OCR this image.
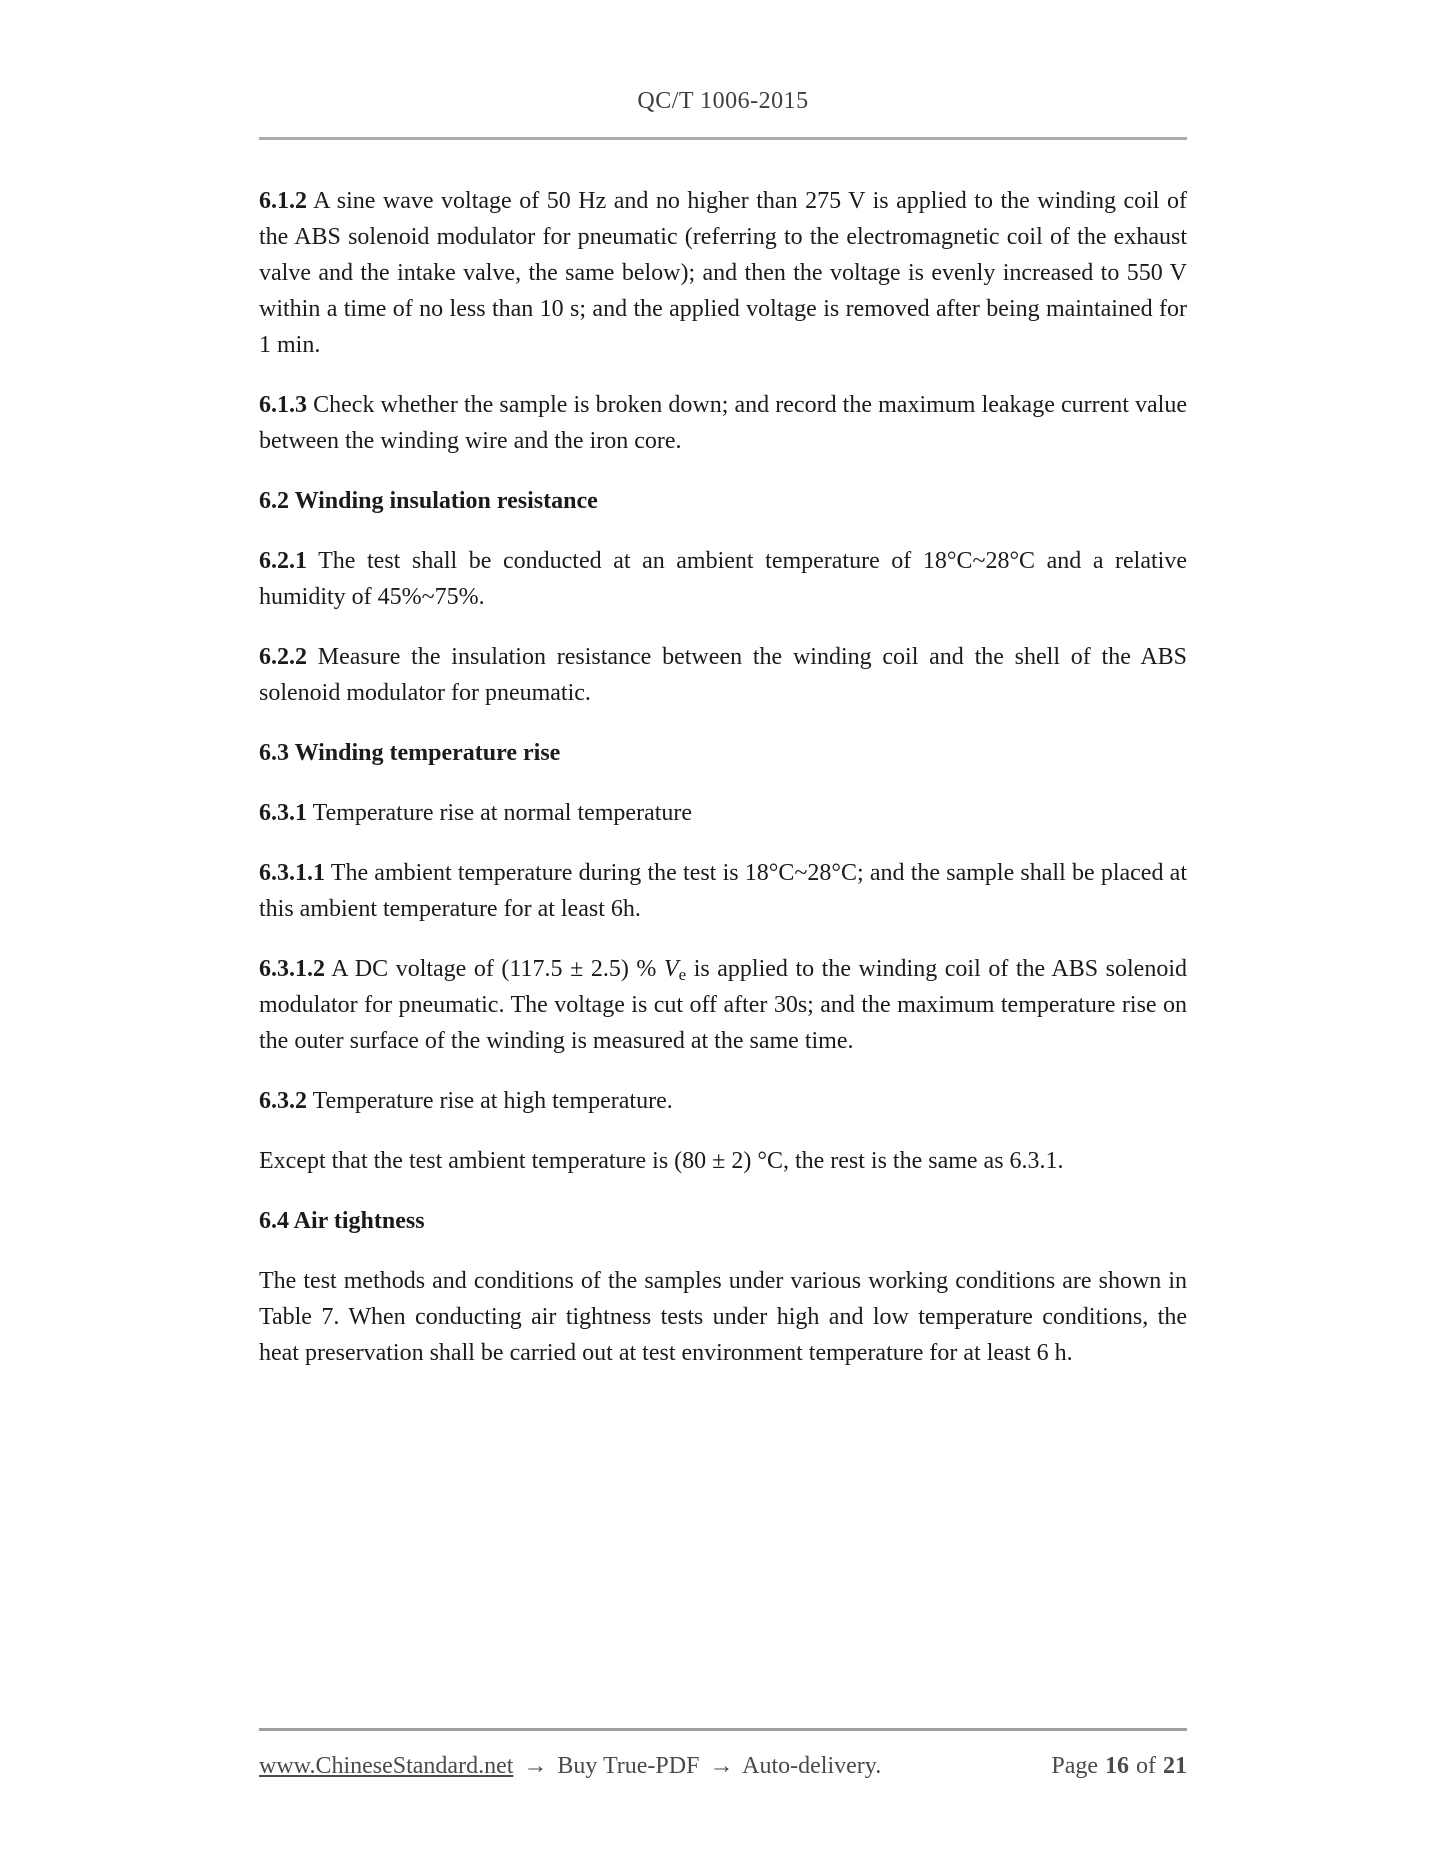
QC/T 1006-2015

6.1.2 A sine wave voltage of 50 Hz and no higher than 275 V is applied to the winding coil of the ABS solenoid modulator for pneumatic (referring to the electromagnetic coil of the exhaust valve and the intake valve, the same below); and then the voltage is evenly increased to 550 V within a time of no less than 10 s; and the applied voltage is removed after being maintained for 1 min.

6.1.3 Check whether the sample is broken down; and record the maximum leakage current value between the winding wire and the iron core.

6.2 Winding insulation resistance

6.2.1 The test shall be conducted at an ambient temperature of 18°C~28°C and a relative humidity of 45%~75%.

6.2.2 Measure the insulation resistance between the winding coil and the shell of the ABS solenoid modulator for pneumatic.

6.3 Winding temperature rise

6.3.1 Temperature rise at normal temperature

6.3.1.1 The ambient temperature during the test is 18°C~28°C; and the sample shall be placed at this ambient temperature for at least 6h.

6.3.1.2 A DC voltage of (117.5 ± 2.5) % $V_e$ is applied to the winding coil of the ABS solenoid modulator for pneumatic. The voltage is cut off after 30s; and the maximum temperature rise on the outer surface of the winding is measured at the same time.

6.3.2 Temperature rise at high temperature.

Except that the test ambient temperature is (80 ± 2) °C, the rest is the same as 6.3.1.

6.4 Air tightness

The test methods and conditions of the samples under various working conditions are shown in Table 7. When conducting air tightness tests under high and low temperature conditions, the heat preservation shall be carried out at test environment temperature for at least 6 h.

www.ChineseStandard.net → Buy True-PDF → Auto-delivery.	Page 16 of 21
